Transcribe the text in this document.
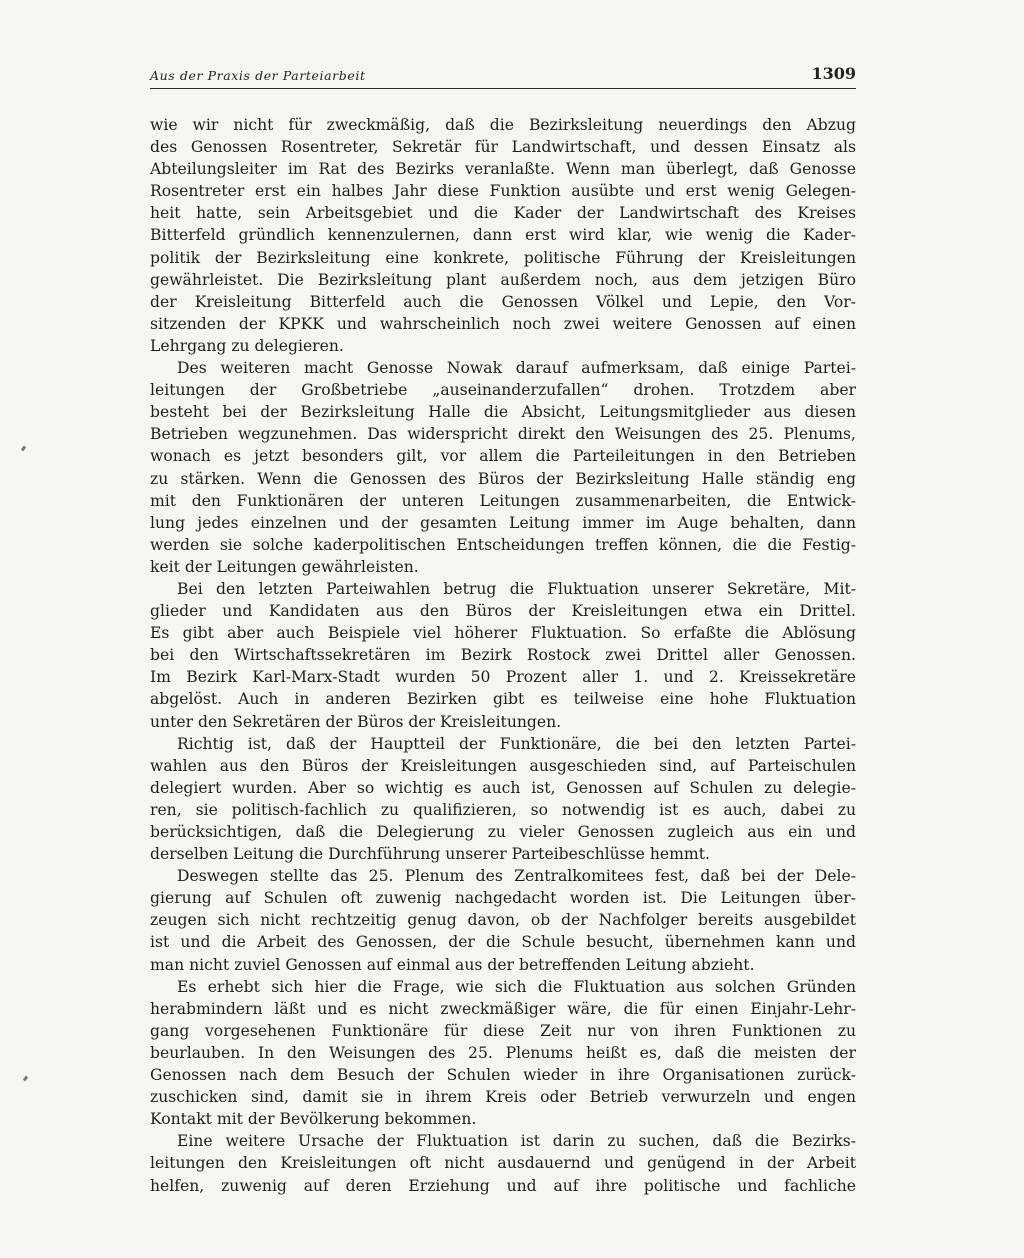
Aus der Praxis der Parteiarbeit	1309
wie wir nicht für zweckmäßig, daß die Bezirksleitung neuerdings den Abzug
des Genossen Rosentreter, Sekretär für Landwirtschaft, und dessen Einsatz als
Abteilungsleiter im Rat des Bezirks veranlaßte. Wenn man überlegt, daß Genosse
Rosentreter erst ein halbes Jahr diese Funktion ausübte und erst wenig Gelegen-
heit hatte, sein Arbeitsgebiet und die Kader der Landwirtschaft des Kreises
Bitterfeld gründlich kennenzulernen, dann erst wird klar, wie wenig die Kader-
politik der Bezirksleitung eine konkrete, politische Führung der Kreisleitungen
gewährleistet. Die Bezirksleitung plant außerdem noch, aus dem jetzigen Büro
der Kreisleitung Bitterfeld auch die Genossen Völkel und Lepie, den Vor-
sitzenden der KPKK und wahrscheinlich noch zwei weitere Genossen auf einen
Lehrgang zu delegieren.
Des weiteren macht Genosse Nowak darauf aufmerksam, daß einige Partei-
leitungen der Großbetriebe „auseinanderzufallen“ drohen. Trotzdem aber
besteht bei der Bezirksleitung Halle die Absicht, Leitungsmitglieder aus diesen
Betrieben wegzunehmen. Das widerspricht direkt den Weisungen des 25. Plenums,
wonach es jetzt besonders gilt, vor allem die Parteileitungen in den Betrieben
zu stärken. Wenn die Genossen des Büros der Bezirksleitung Halle ständig eng
mit den Funktionären der unteren Leitungen zusammenarbeiten, die Entwick-
lung jedes einzelnen und der gesamten Leitung immer im Auge behalten, dann
werden sie solche kaderpolitischen Entscheidungen treffen können, die die Festig-
keit der Leitungen gewährleisten.
Bei den letzten Parteiwahlen betrug die Fluktuation unserer Sekretäre, Mit-
glieder und Kandidaten aus den Büros der Kreisleitungen etwa ein Drittel.
Es gibt aber auch Beispiele viel höherer Fluktuation. So erfaßte die Ablösung
bei den Wirtschaftssekretären im Bezirk Rostock zwei Drittel aller Genossen.
Im Bezirk Karl-Marx-Stadt wurden 50 Prozent aller 1. und 2. Kreissekretäre
abgelöst. Auch in anderen Bezirken gibt es teilweise eine hohe Fluktuation
unter den Sekretären der Büros der Kreisleitungen.
Richtig ist, daß der Hauptteil der Funktionäre, die bei den letzten Partei-
wahlen aus den Büros der Kreisleitungen ausgeschieden sind, auf Parteischulen
delegiert wurden. Aber so wichtig es auch ist, Genossen auf Schulen zu delegie-
ren, sie politisch-fachlich zu qualifizieren, so notwendig ist es auch, dabei zu
berücksichtigen, daß die Delegierung zu vieler Genossen zugleich aus ein und
derselben Leitung die Durchführung unserer Parteibeschlüsse hemmt.
Deswegen stellte das 25. Plenum des Zentralkomitees fest, daß bei der Dele-
gierung auf Schulen oft zuwenig nachgedacht worden ist. Die Leitungen über-
zeugen sich nicht rechtzeitig genug davon, ob der Nachfolger bereits ausgebildet
ist und die Arbeit des Genossen, der die Schule besucht, übernehmen kann und
man nicht zuviel Genossen auf einmal aus der betreffenden Leitung abzieht.
Es erhebt sich hier die Frage, wie sich die Fluktuation aus solchen Gründen
herabmindern läßt und es nicht zweckmäßiger wäre, die für einen Einjahr-Lehr-
gang vorgesehenen Funktionäre für diese Zeit nur von ihren Funktionen zu
beurlauben. In den Weisungen des 25. Plenums heißt es, daß die meisten der
Genossen nach dem Besuch der Schulen wieder in ihre Organisationen zurück-
zuschicken sind, damit sie in ihrem Kreis oder Betrieb verwurzeln und engen
Kontakt mit der Bevölkerung bekommen.
Eine weitere Ursache der Fluktuation ist darin zu suchen, daß die Bezirks-
leitungen den Kreisleitungen oft nicht ausdauernd und genügend in der Arbeit
helfen, zuwenig auf deren Erziehung und auf ihre politische und fachliche
